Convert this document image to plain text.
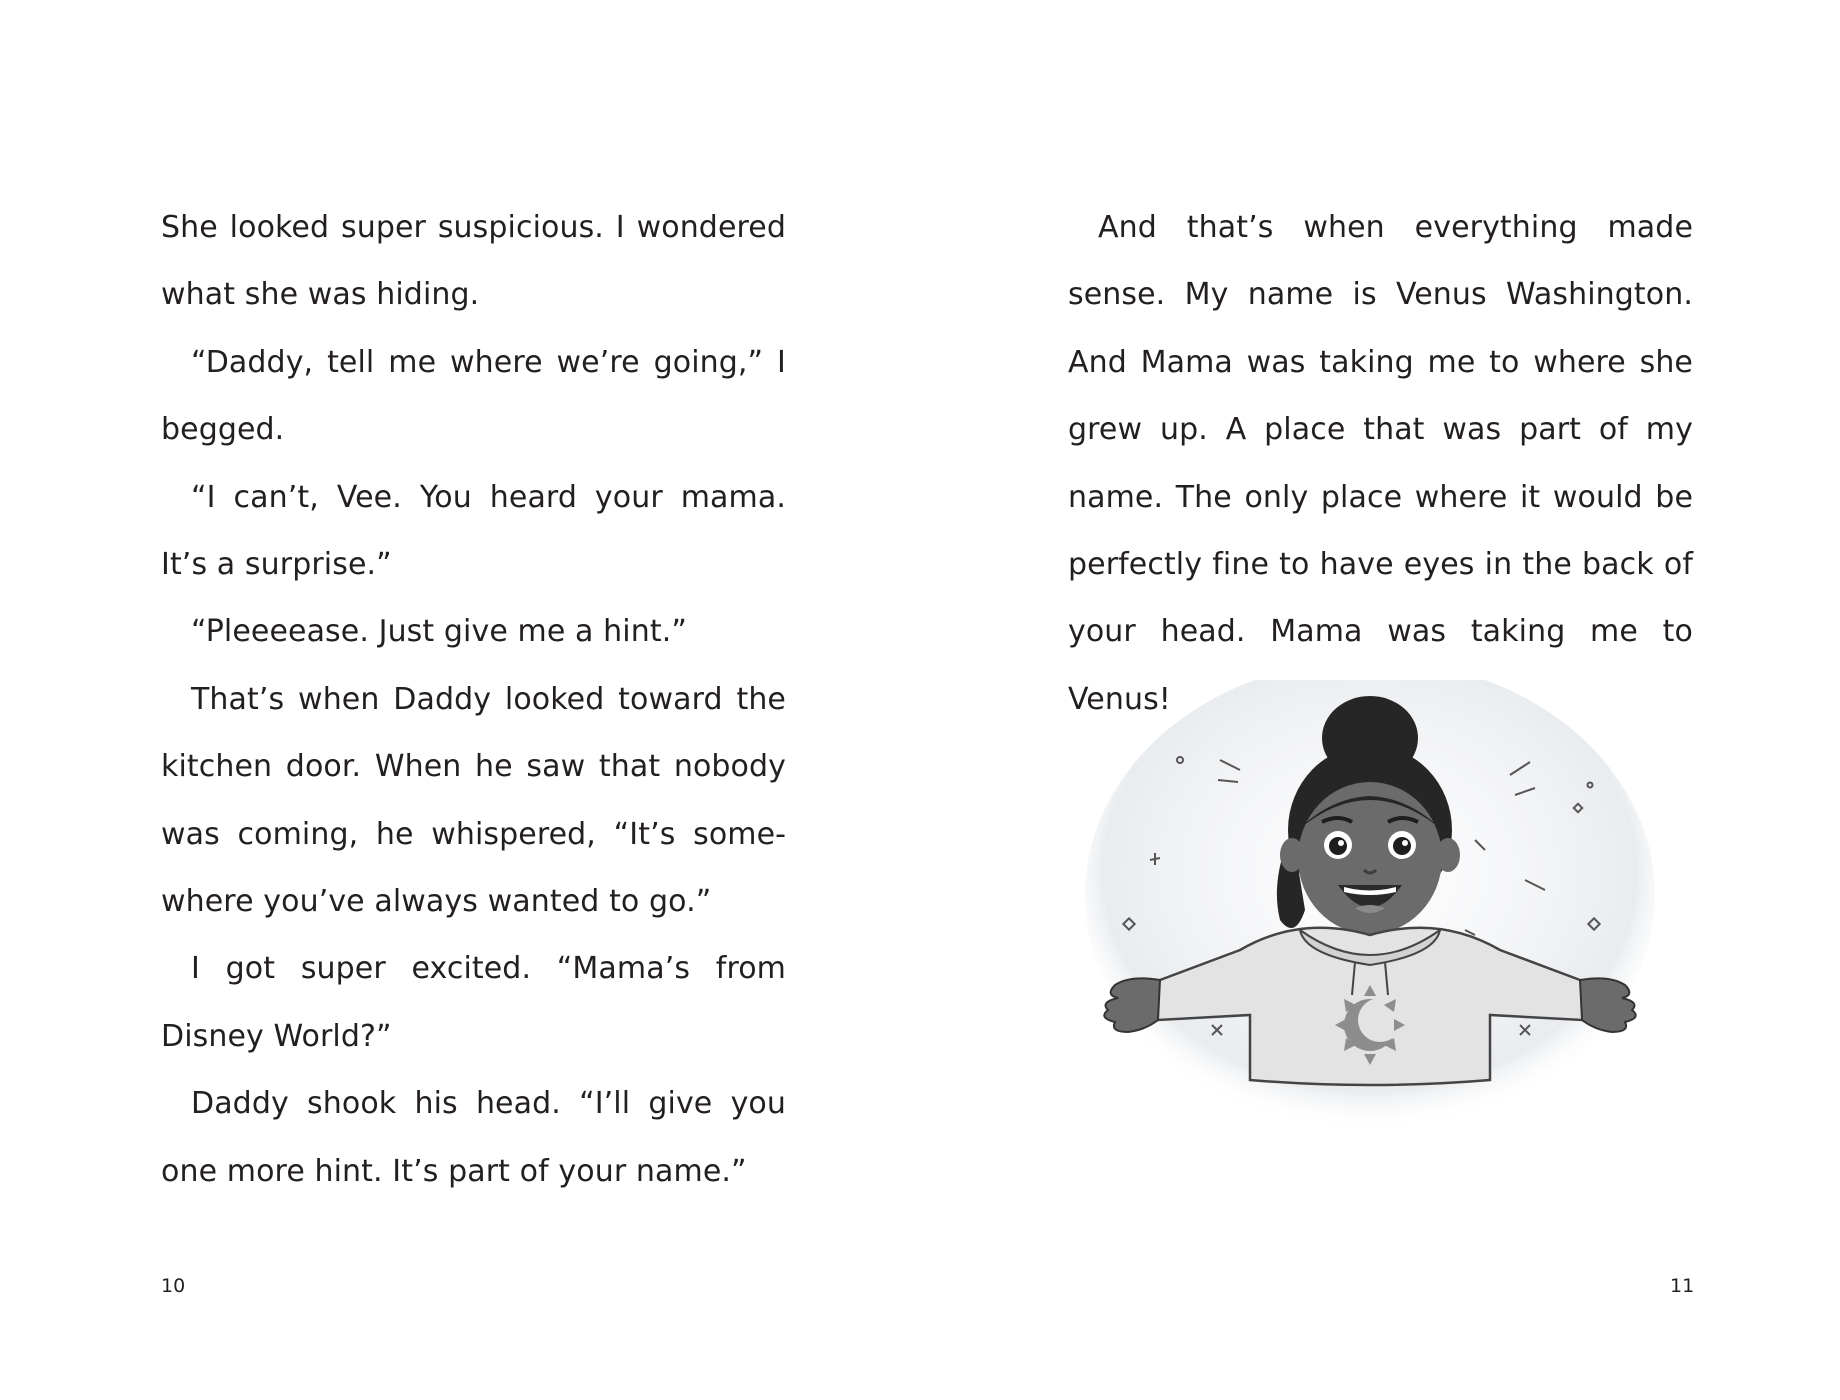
She looked super suspicious. I wondered what she was hiding.

“Daddy, tell me where we’re going,” I begged.

“I can’t, Vee. You heard your mama. It’s a surprise.”

“Pleeeease. Just give me a hint.”

That’s when Daddy looked toward the kitchen door. When he saw that nobody was coming, he whispered, “It’s somewhere you’ve always wanted to go.”

I got super excited. “Mama’s from Disney World?”

Daddy shook his head. “I’ll give you one more hint. It’s part of your name.”

10

And that’s when everything made sense. My name is Venus Washington. And Mama was taking me to where she grew up. A place that was part of my name. The only place where it would be perfectly fine to have eyes in the back of your head. Mama was taking me to Venus!

11
